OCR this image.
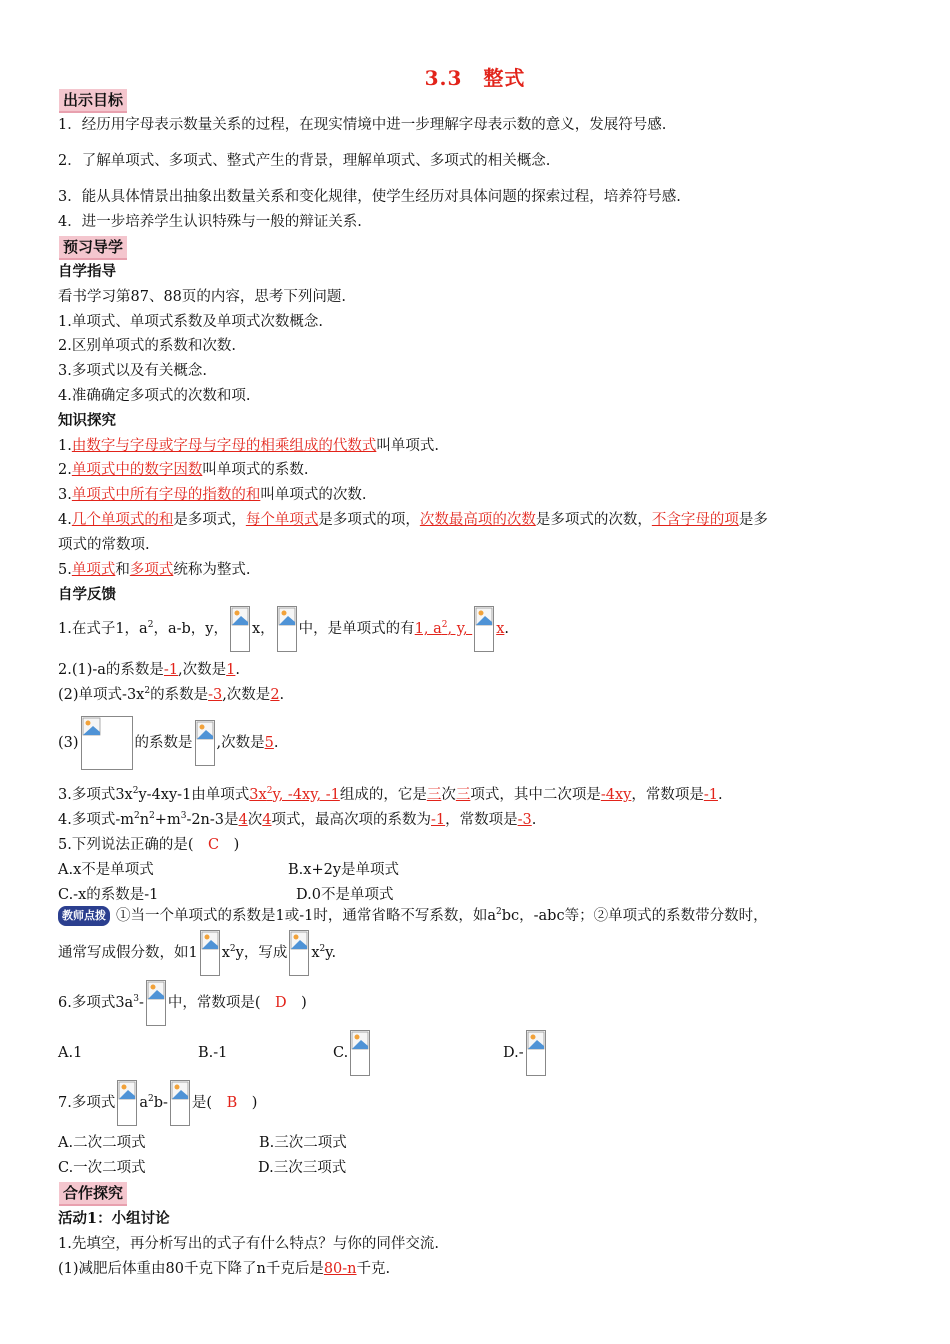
3.3　整式
出示目标
1．经历用字母表示数量关系的过程，在现实情境中进一步理解字母表示数的意义，发展符号感.
2．了解单项式、多项式、整式产生的背景，理解单项式、多项式的相关概念.
3．能从具体情景出抽象出数量关系和变化规律，使学生经历对具体问题的探索过程，培养符号感.
4．进一步培养学生认识特殊与一般的辩证关系.
预习导学
自学指导
看书学习第87、88页的内容，思考下列问题.
1.单项式、单项式系数及单项式次数概念.
2.区别单项式的系数和次数.
3.多项式以及有关概念.
4.准确确定多项式的次数和项.
知识探究
1.由数字与字母或字母与字母的相乘组成的代数式叫单项式.
2.单项式中的数字因数叫单项式的系数.
3.单项式中所有字母的指数的和叫单项式的次数.
4.几个单项式的和是多项式，每个单项式是多项式的项，次数最高项的次数是多项式的次数，不含字母的项是多
项式的常数项.
5.单项式和多项式统称为整式.
自学反馈
1.在式子1，$a^2$，a-b，y， x， 中，是单项式的有1, $a^2$, y,
x.
2.(1)-a的系数是-1,次数是1.
(2)单项式$-3x^2$的系数是-3,次数是2.
(3)	的系数是 ,次数是5.
3.多项式$3x^2y-4xy-1$由单项式$3x^2y$, -4xy, -1组成的，它是三次三项式，其中二次项是-4xy，常数项是-1.
4.多项式$-m^2n^2+m^3-2n-3$是4次4项式，最高次项的系数为-1，常数项是-3.
5.下列说法正确的是(　C　)
A.x不是单项式	B.x+2y是单项式
C.-x的系数是-1	D.0不是单项式
教师点拨 ①当一个单项式的系数是1或-1时，通常省略不写系数，如$a^2bc$，-abc等；②单项式的系数带分数时，
通常写成假分数，如1 $x^2y$，写成 $x^2y$.
6.多项式$3a^3-$ 中，常数项是(　D　)
A.1	B.-1	C.	D.-
7.多项式 $a^2b-$ 是(　B　)
A.二次二项式	B.三次二项式
C.一次二项式	D.三次三项式
合作探究
活动1：小组讨论
1.先填空，再分析写出的式子有什么特点？与你的同伴交流.
(1)减肥后体重由80千克下降了n千克后是80-n千克.
